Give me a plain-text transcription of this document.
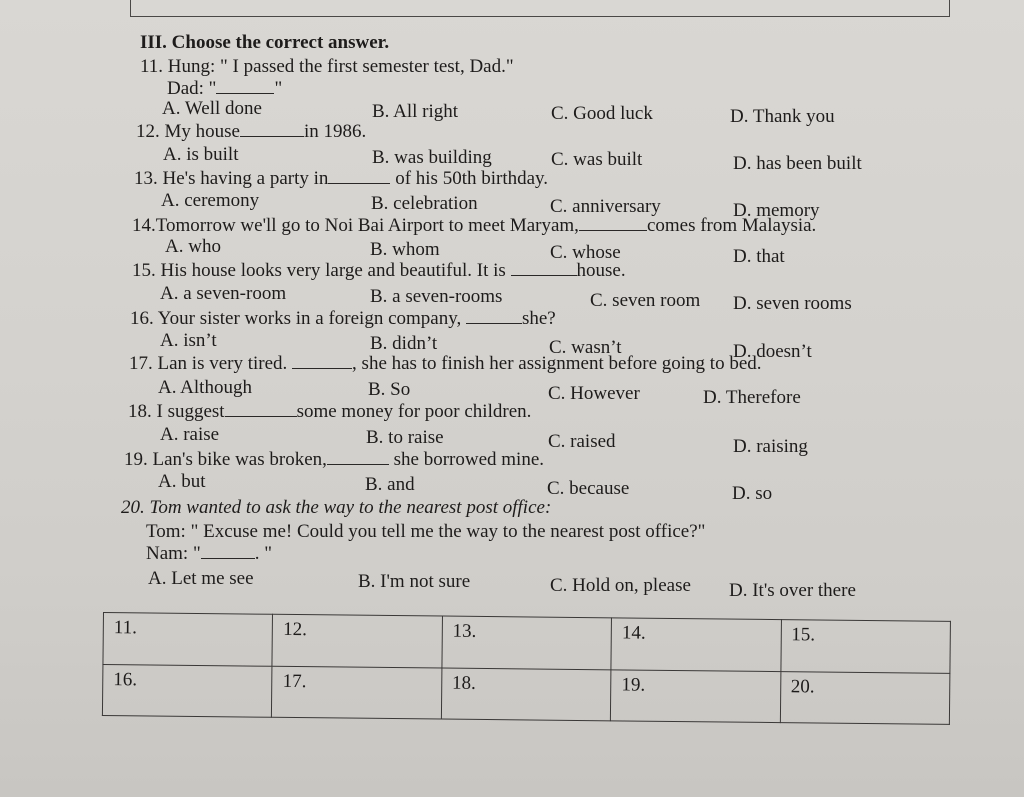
III. Choose the correct answer.
11. Hung: " I passed the first semester test, Dad."
Dad: "	"
A. Well done	B. All right	C. Good luck	D. Thank you
12. My house	in 1986.
A. is built	B. was building	C. was built	D. has been built
13. He's having a party in	of his 50th birthday.
A. ceremony	B. celebration	C. anniversary	D. memory
14.Tomorrow we'll go to Noi Bai Airport to meet Maryam,	comes from Malaysia.
A. who	B. whom	C. whose	D. that
15. His house looks very large and beautiful. It is	house.
A. a seven-room	B. a seven-rooms	C. seven room D. seven rooms
16. Your sister works in a foreign company,	she?
A. isn’t	B. didn’t	C. wasn’t	D. doesn’t
17. Lan is very tired.	, she has to finish her assignment before going to bed.
A. Although	B. So	C. However	D. Therefore
18. I suggest	some money for poor children.
A. raise	B. to raise	C. raised	D. raising
19. Lan's bike was broken,	she borrowed mine.
A. but	B. and	C. because	D. so
20. Tom wanted to ask the way to the nearest post office:
Tom: " Excuse me! Could you tell me the way to the nearest post office?"
Nam: "	. "
A. Let me see	B. I'm not sure	C. Hold on, please D. It's over there
11.	12.	13.	14.	15.
16.	17.	18.	19.	20.
